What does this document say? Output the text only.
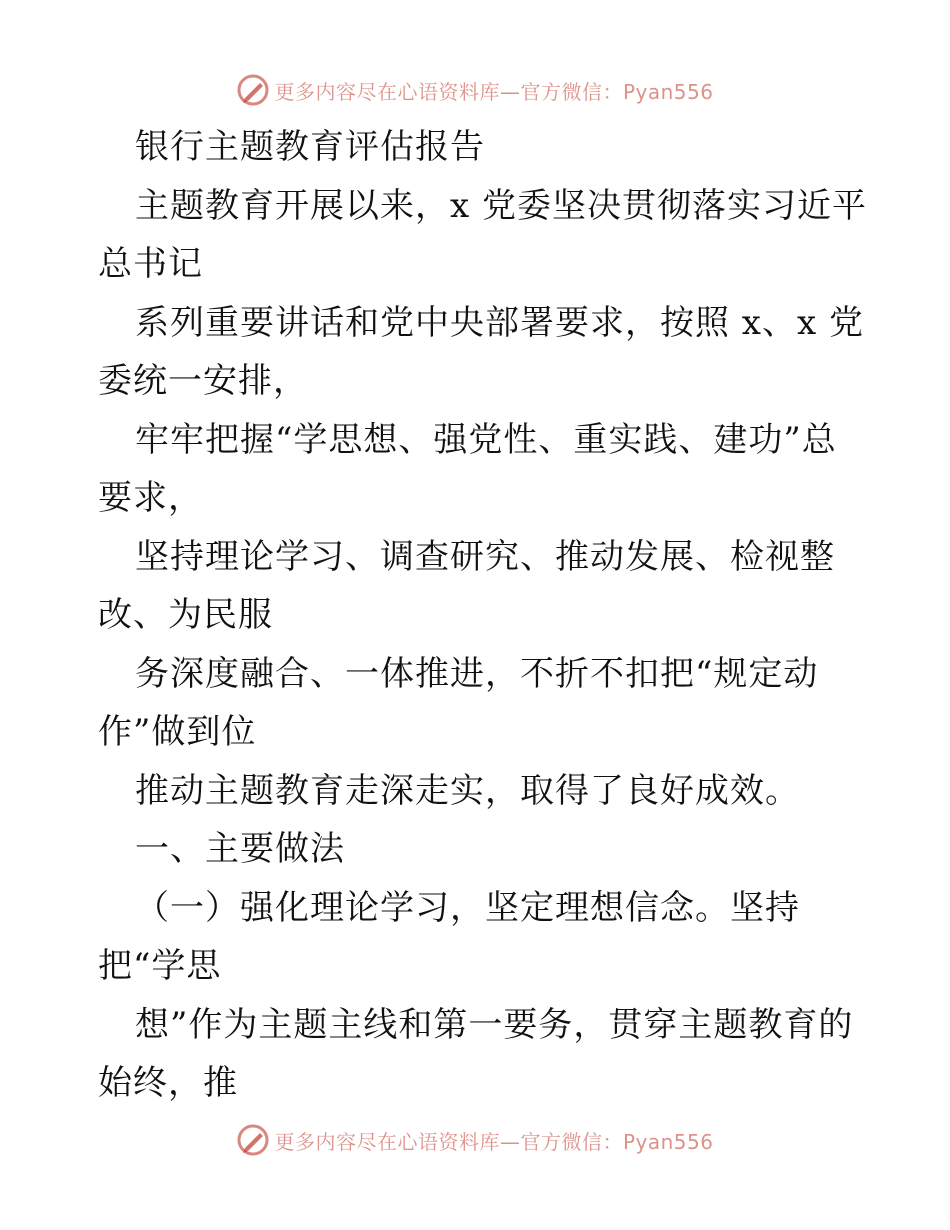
更多内容尽在心语资料库—官方微信：Pyan556
银行主题教育评估报告
主题教育开展以来，x 党委坚决贯彻落实习近平
总书记
系列重要讲话和党中央部署要求，按照 x、x 党
委统一安排，
牢牢把握“学思想、强党性、重实践、建功”总
要求，
坚持理论学习、调查研究、推动发展、检视整
改、为民服
务深度融合、一体推进，不折不扣把“规定动
作”做到位
推动主题教育走深走实，取得了良好成效。
一、主要做法
（一）强化理论学习，坚定理想信念。坚持
把“学思
想”作为主题主线和第一要务，贯穿主题教育的
始终，推
更多内容尽在心语资料库—官方微信：Pyan556
